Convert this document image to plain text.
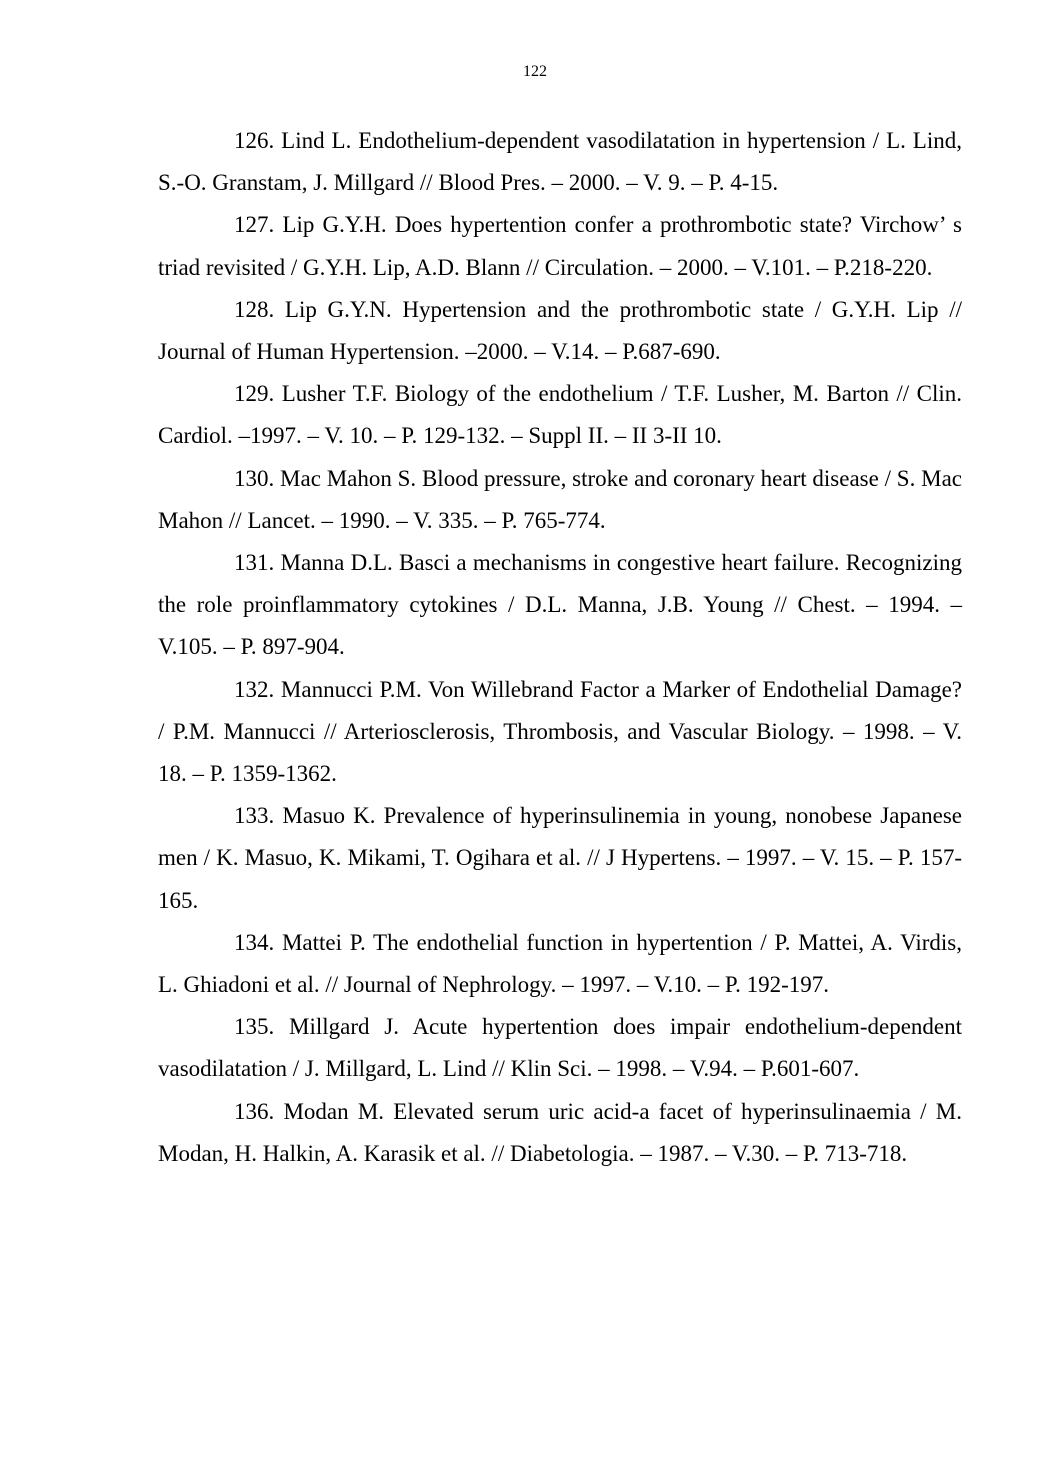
122

126. Lind L. Endothelium-dependent vasodilatation in hypertension / L. Lind, S.-O. Granstam, J. Millgard // Blood Pres. – 2000. – V. 9. – P. 4-15.

127. Lip G.Y.H. Does hypertention confer a prothrombotic state? Virchow’ s triad revisited / G.Y.H. Lip, A.D. Blann // Circulation. – 2000. – V.101. – P.218-220.

128. Lip G.Y.N. Hypertension and the prothrombotic state / G.Y.H. Lip // Journal of Human Hypertension. –2000. – V.14. – P.687-690.

129. Lusher T.F. Biology of the endothelium / T.F. Lusher, M. Barton // Clin. Cardiol. –1997. – V. 10. – P. 129-132. – Suppl II. – II 3-II 10.

130. Mac Mahon S. Blood pressure, stroke and coronary heart disease / S. Mac Mahon // Lancet. – 1990. – V. 335. – P. 765-774.

131. Manna D.L. Basci a mechanisms in congestive heart failure. Recognizing the role proinflammatory cytokines / D.L. Manna, J.B. Young // Chest. – 1994. – V.105. – P. 897-904.

132. Mannucci P.M. Von Willebrand Factor a Marker of Endothelial Damage? / P.M. Mannucci // Arteriosclerosis, Thrombosis, and Vascular Biology. – 1998. – V. 18. – P. 1359-1362.

133. Masuo K. Prevalence of hyperinsulinemia in young, nonobese Japanese men / K. Masuo, K. Mikami, T. Ogihara et al. // J Hypertens. – 1997. – V. 15. – P. 157-165.

134. Mattei P. The endothelial function in hypertention / P. Mattei, A. Virdis, L. Ghiadoni et al. // Journal of Nephrology. – 1997. – V.10. – P. 192-197.

135. Millgard J. Acute hypertention does impair endothelium-dependent vasodilatation / J. Millgard, L. Lind // Klin Sci. – 1998. – V.94. – P.601-607.

136. Modan M. Elevated serum uric acid-a facet of hyperinsulinaemia / M. Modan, H. Halkin, A. Karasik et al. // Diabetologia. – 1987. – V.30. – P. 713-718.
